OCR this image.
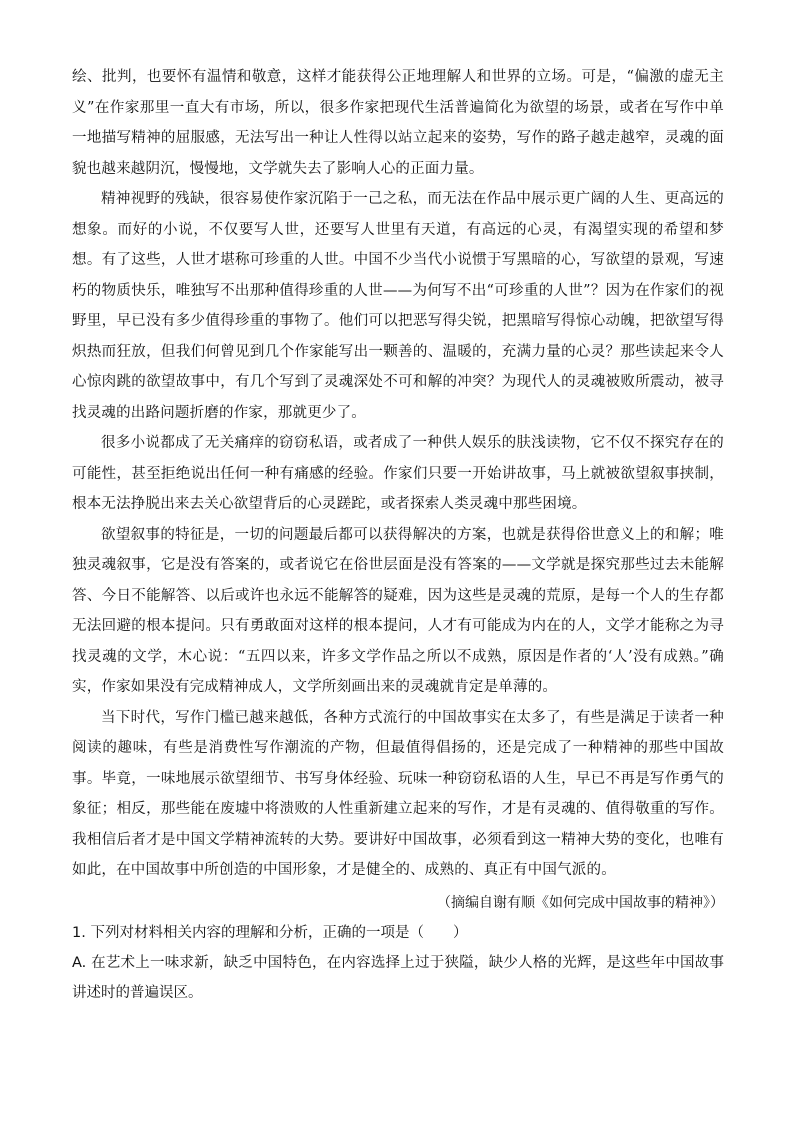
绘、批判，也要怀有温情和敬意，这样才能获得公正地理解人和世界的立场。可是，“偏激的虚无主义”在作家那里一直大有市场，所以，很多作家把现代生活普遍简化为欲望的场景，或者在写作中单一地描写精神的屈服感，无法写出一种让人性得以站立起来的姿势，写作的路子越走越窄，灵魂的面貌也越来越阴沉，慢慢地，文学就失去了影响人心的正面力量。

精神视野的残缺，很容易使作家沉陷于一己之私，而无法在作品中展示更广阔的人生、更高远的想象。而好的小说，不仅要写人世，还要写人世里有天道，有高远的心灵，有渴望实现的希望和梦想。有了这些，人世才堪称可珍重的人世。中国不少当代小说惯于写黑暗的心，写欲望的景观，写速朽的物质快乐，唯独写不出那种值得珍重的人世——为何写不出“可珍重的人世”？因为在作家们的视野里，早已没有多少值得珍重的事物了。他们可以把恶写得尖锐，把黑暗写得惊心动魄，把欲望写得炽热而狂放，但我们何曾见到几个作家能写出一颗善的、温暖的，充满力量的心灵？那些读起来令人心惊肉跳的欲望故事中，有几个写到了灵魂深处不可和解的冲突？为现代人的灵魂被败所震动，被寻找灵魂的出路问题折磨的作家，那就更少了。

很多小说都成了无关痛痒的窃窃私语，或者成了一种供人娱乐的肤浅读物，它不仅不探究存在的可能性，甚至拒绝说出任何一种有痛感的经验。作家们只要一开始讲故事，马上就被欲望叙事挟制，根本无法挣脱出来去关心欲望背后的心灵蹉跎，或者探索人类灵魂中那些困境。

欲望叙事的特征是，一切的问题最后都可以获得解决的方案，也就是获得俗世意义上的和解；唯独灵魂叙事，它是没有答案的，或者说它在俗世层面是没有答案的——文学就是探究那些过去未能解答、今日不能解答、以后或许也永远不能解答的疑难，因为这些是灵魂的荒原，是每一个人的生存都无法回避的根本提问。只有勇敢面对这样的根本提问，人才有可能成为内在的人，文学才能称之为寻找灵魂的文学，木心说：“五四以来，许多文学作品之所以不成熟，原因是作者的‘人’没有成熟。”确实，作家如果没有完成精神成人，文学所刻画出来的灵魂就肯定是单薄的。

当下时代，写作门槛已越来越低，各种方式流行的中国故事实在太多了，有些是满足于读者一种阅读的趣味，有些是消费性写作潮流的产物，但最值得倡扬的，还是完成了一种精神的那些中国故事。毕竟，一味地展示欲望细节、书写身体经验、玩味一种窃窃私语的人生，早已不再是写作勇气的象征；相反，那些能在废墟中将溃败的人性重新建立起来的写作，才是有灵魂的、值得敬重的写作。我相信后者才是中国文学精神流转的大势。要讲好中国故事，必须看到这一精神大势的变化，也唯有如此，在中国故事中所创造的中国形象，才是健全的、成熟的、真正有中国气派的。

（摘编自谢有顺《如何完成中国故事的精神》）

1. 下列对材料相关内容的理解和分析，正确的一项是（　　）

A. 在艺术上一味求新，缺乏中国特色，在内容选择上过于狭隘，缺少人格的光辉，是这些年中国故事讲述时的普遍误区。
